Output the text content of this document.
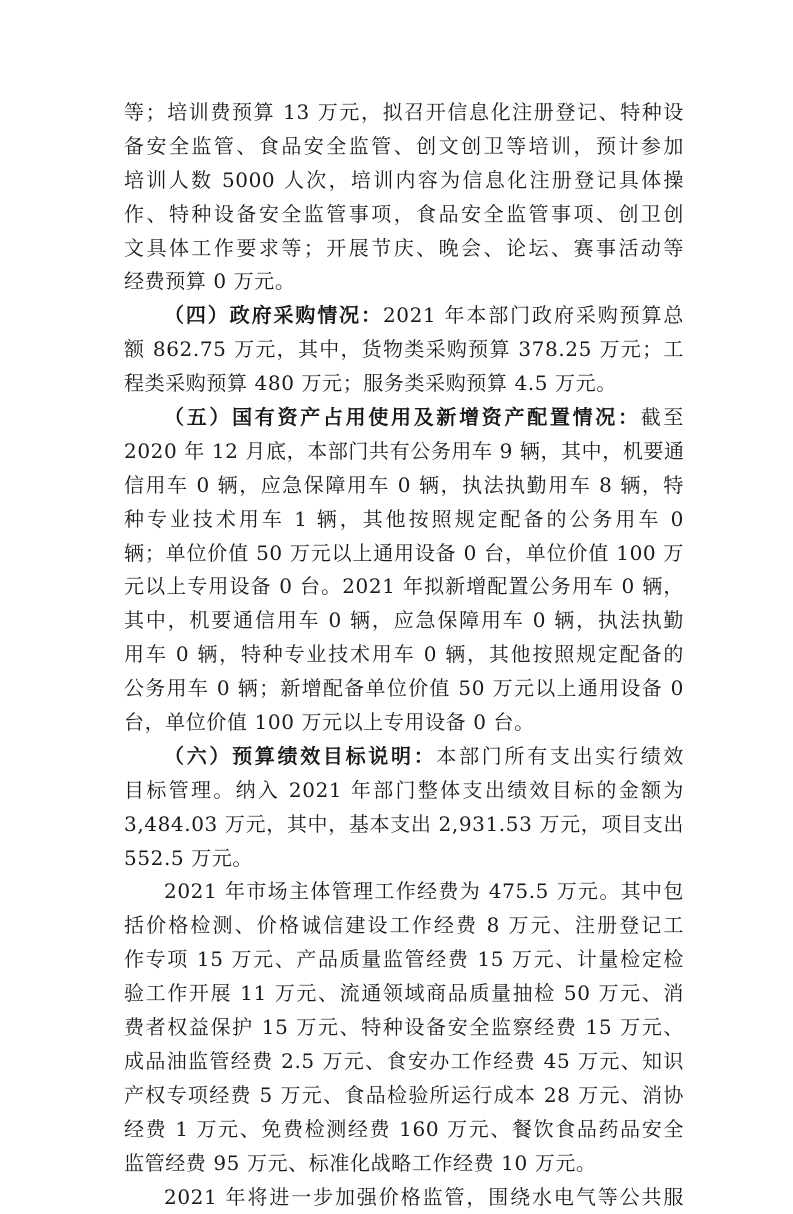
等；培训费预算 13 万元，拟召开信息化注册登记、特种设
备安全监管、食品安全监管、创文创卫等培训，预计参加
培训人数 5000 人次，培训内容为信息化注册登记具体操
作、特种设备安全监管事项，食品安全监管事项、创卫创
文具体工作要求等；开展节庆、晚会、论坛、赛事活动等
经费预算 0 万元。
（四）政府采购情况：2021 年本部门政府采购预算总
额 862.75 万元，其中，货物类采购预算 378.25 万元；工
程类采购预算 480 万元；服务类采购预算 4.5 万元。
（五）国有资产占用使用及新增资产配置情况：截至
2020 年 12 月底，本部门共有公务用车 9 辆，其中，机要通
信用车 0 辆，应急保障用车 0 辆，执法执勤用车 8 辆，特
种专业技术用车 1 辆，其他按照规定配备的公务用车 0
辆；单位价值 50 万元以上通用设备 0 台，单位价值 100 万
元以上专用设备 0 台。2021 年拟新增配置公务用车 0 辆，
其中，机要通信用车 0 辆，应急保障用车 0 辆，执法执勤
用车 0 辆，特种专业技术用车 0 辆，其他按照规定配备的
公务用车 0 辆；新增配备单位价值 50 万元以上通用设备 0
台，单位价值 100 万元以上专用设备 0 台。
（六）预算绩效目标说明：本部门所有支出实行绩效
目标管理。纳入 2021 年部门整体支出绩效目标的金额为
3,484.03 万元，其中，基本支出 2,931.53 万元，项目支出
552.5 万元。
2021 年市场主体管理工作经费为 475.5 万元。其中包
括价格检测、价格诚信建设工作经费 8 万元、注册登记工
作专项 15 万元、产品质量监管经费 15 万元、计量检定检
验工作开展 11 万元、流通领域商品质量抽检 50 万元、消
费者权益保护 15 万元、特种设备安全监察经费 15 万元、
成品油监管经费 2.5 万元、食安办工作经费 45 万元、知识
产权专项经费 5 万元、食品检验所运行成本 28 万元、消协
经费 1 万元、免费检测经费 160 万元、餐饮食品药品安全
监管经费 95 万元、标准化战略工作经费 10 万元。
2021 年将进一步加强价格监管，围绕水电气等公共服
